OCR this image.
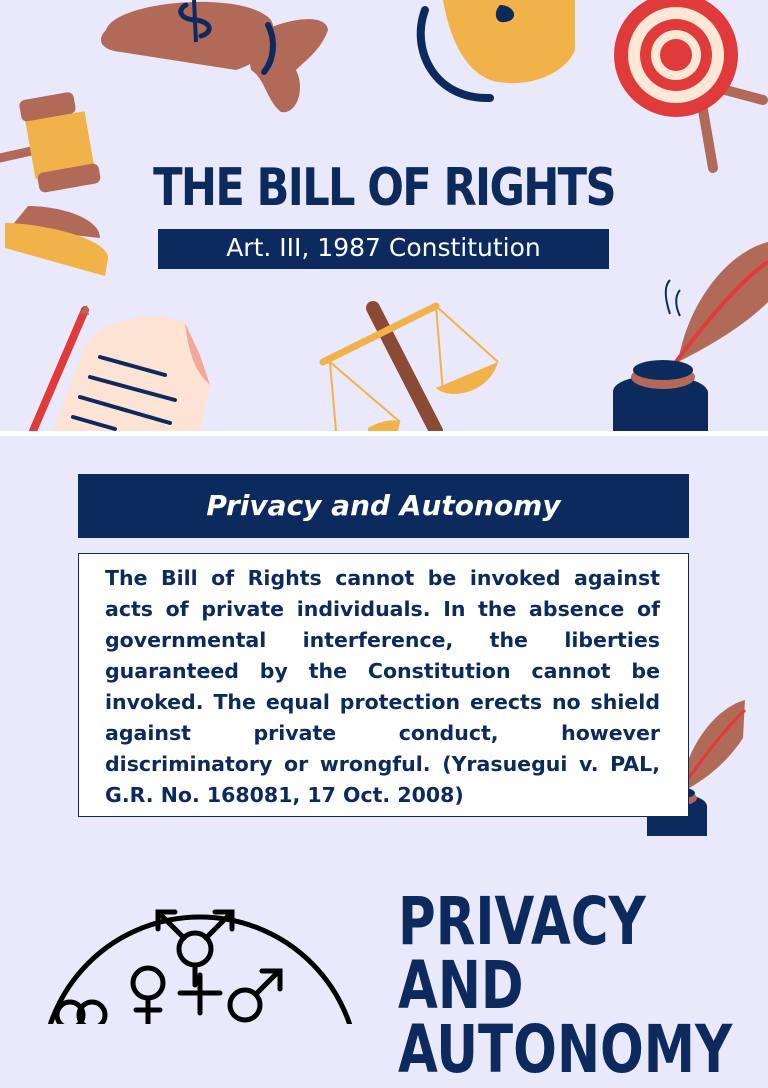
THE BILL OF RIGHTS
Art. III, 1987 Constitution
Privacy and Autonomy

The Bill of Rights cannot be invoked against acts of private individuals. In the absence of governmental interference, the liberties guaranteed by the Constitution cannot be invoked. The equal protection erects no shield against private conduct, however discriminatory or wrongful. (Yrasuegui v. PAL, G.R. No. 168081, 17 Oct. 2008)

PRIVACY
AND
AUTONOMY
